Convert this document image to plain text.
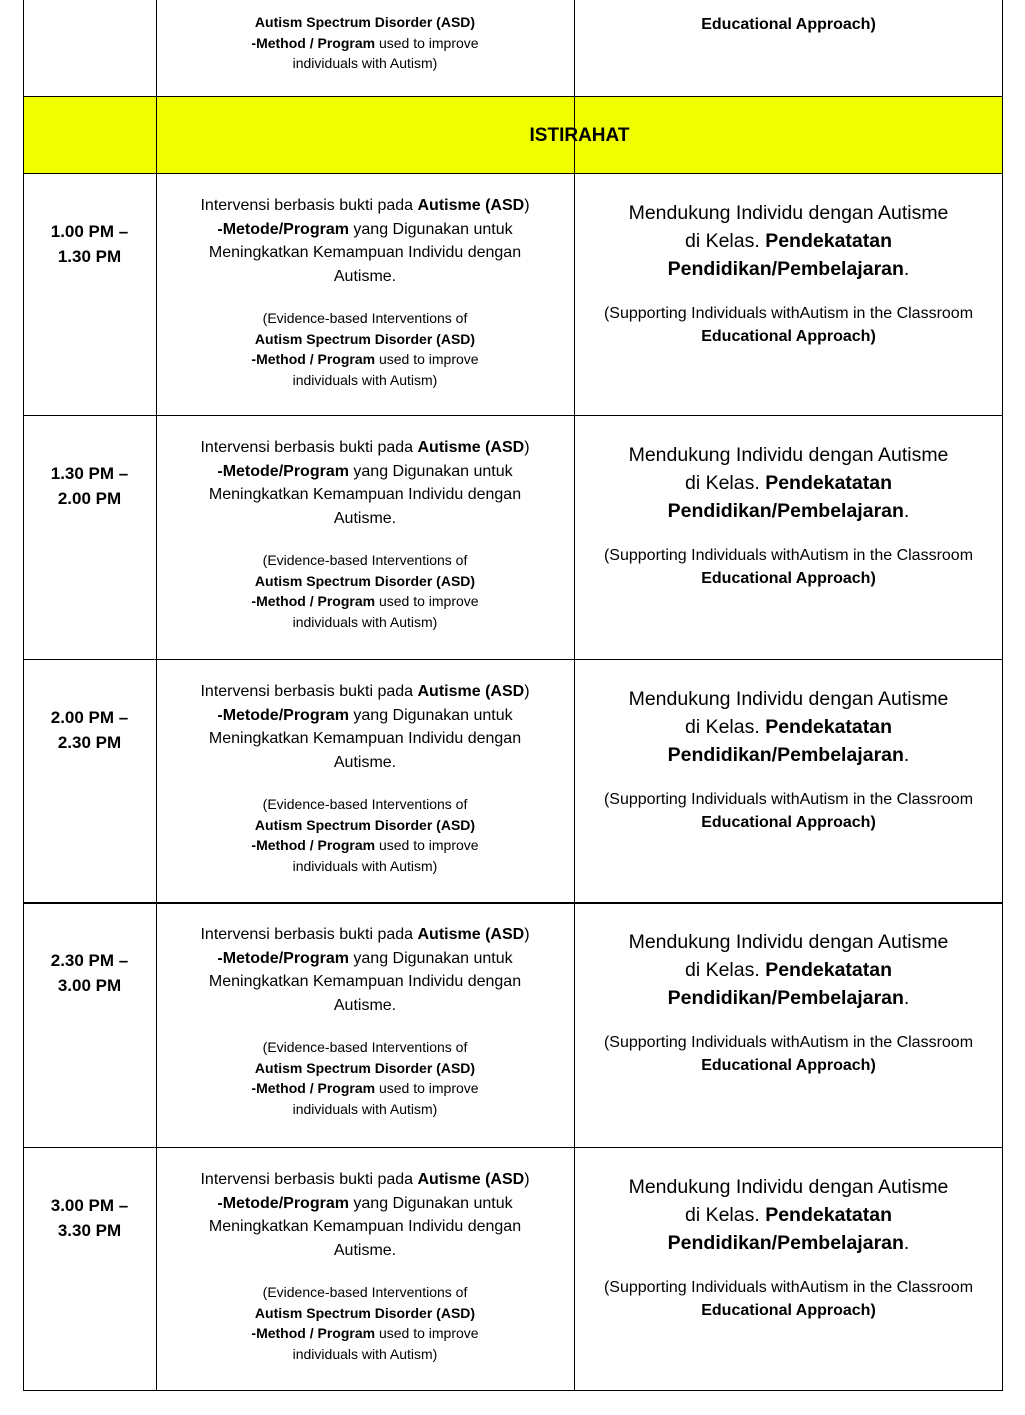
Autism Spectrum Disorder (ASD)
-Method / Program used to improve
individuals with Autism)
Educational Approach)
ISTIRAHAT
1.00 PM –
1.30 PM
Intervensi berbasis bukti pada Autisme (ASD)
-Metode/Program yang Digunakan untuk
Meningkatkan Kemampuan Individu dengan
Autisme.
(Evidence-based Interventions of
Autism Spectrum Disorder (ASD)
-Method / Program used to improve
individuals with Autism)
Mendukung Individu dengan Autisme
di Kelas. Pendekatatan
Pendidikan/Pembelajaran.
(Supporting Individuals withAutism in the Classroom
Educational Approach)
1.30 PM –
2.00 PM
Intervensi berbasis bukti pada Autisme (ASD)
-Metode/Program yang Digunakan untuk
Meningkatkan Kemampuan Individu dengan
Autisme.
(Evidence-based Interventions of
Autism Spectrum Disorder (ASD)
-Method / Program used to improve
individuals with Autism)
Mendukung Individu dengan Autisme
di Kelas. Pendekatatan
Pendidikan/Pembelajaran.
(Supporting Individuals withAutism in the Classroom
Educational Approach)
2.00 PM –
2.30 PM
Intervensi berbasis bukti pada Autisme (ASD)
-Metode/Program yang Digunakan untuk
Meningkatkan Kemampuan Individu dengan
Autisme.
(Evidence-based Interventions of
Autism Spectrum Disorder (ASD)
-Method / Program used to improve
individuals with Autism)
Mendukung Individu dengan Autisme
di Kelas. Pendekatatan
Pendidikan/Pembelajaran.
(Supporting Individuals withAutism in the Classroom
Educational Approach)
2.30 PM –
3.00 PM
Intervensi berbasis bukti pada Autisme (ASD)
-Metode/Program yang Digunakan untuk
Meningkatkan Kemampuan Individu dengan
Autisme.
(Evidence-based Interventions of
Autism Spectrum Disorder (ASD)
-Method / Program used to improve
individuals with Autism)
Mendukung Individu dengan Autisme
di Kelas. Pendekatatan
Pendidikan/Pembelajaran.
(Supporting Individuals withAutism in the Classroom
Educational Approach)
3.00 PM –
3.30 PM
Intervensi berbasis bukti pada Autisme (ASD)
-Metode/Program yang Digunakan untuk
Meningkatkan Kemampuan Individu dengan
Autisme.
(Evidence-based Interventions of
Autism Spectrum Disorder (ASD)
-Method / Program used to improve
individuals with Autism)
Mendukung Individu dengan Autisme
di Kelas. Pendekatatan
Pendidikan/Pembelajaran.
(Supporting Individuals withAutism in the Classroom
Educational Approach)
